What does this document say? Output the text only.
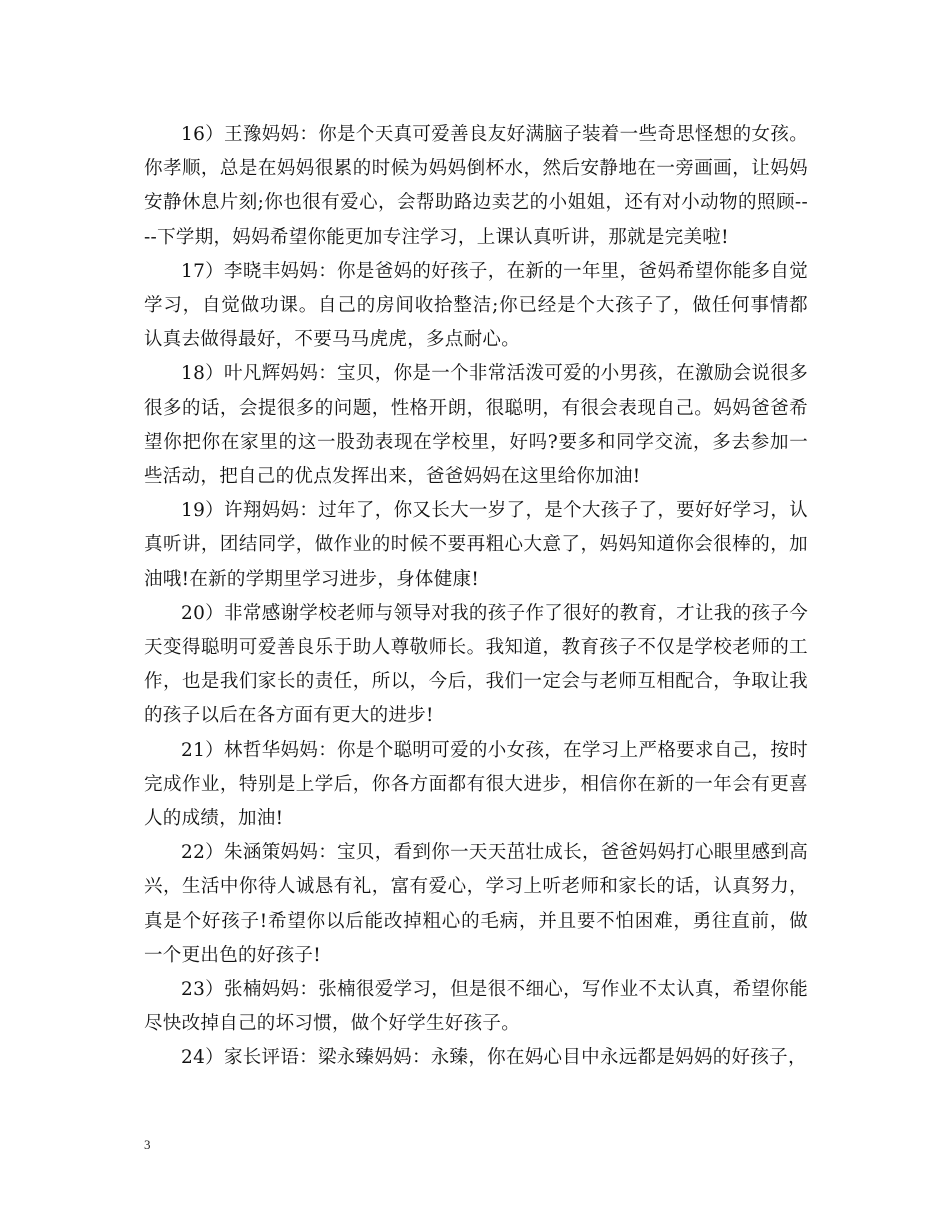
16）王豫妈妈：你是个天真可爱善良友好满脑子装着一些奇思怪想的女孩。你孝顺，总是在妈妈很累的时候为妈妈倒杯水，然后安静地在一旁画画，让妈妈安静休息片刻;你也很有爱心，会帮助路边卖艺的小姐姐，还有对小动物的照顾----下学期，妈妈希望你能更加专注学习，上课认真听讲，那就是完美啦!

17）李晓丰妈妈：你是爸妈的好孩子，在新的一年里，爸妈希望你能多自觉学习，自觉做功课。自己的房间收拾整洁;你已经是个大孩子了，做任何事情都认真去做得最好，不要马马虎虎，多点耐心。

18）叶凡辉妈妈：宝贝，你是一个非常活泼可爱的小男孩，在激励会说很多很多的话，会提很多的问题，性格开朗，很聪明，有很会表现自己。妈妈爸爸希望你把你在家里的这一股劲表现在学校里，好吗?要多和同学交流，多去参加一些活动，把自己的优点发挥出来，爸爸妈妈在这里给你加油!

19）许翔妈妈：过年了，你又长大一岁了，是个大孩子了，要好好学习，认真听讲，团结同学，做作业的时候不要再粗心大意了，妈妈知道你会很棒的，加油哦!在新的学期里学习进步，身体健康!

20）非常感谢学校老师与领导对我的孩子作了很好的教育，才让我的孩子今天变得聪明可爱善良乐于助人尊敬师长。我知道，教育孩子不仅是学校老师的工作，也是我们家长的责任，所以，今后，我们一定会与老师互相配合，争取让我的孩子以后在各方面有更大的进步!

21）林哲华妈妈：你是个聪明可爱的小女孩，在学习上严格要求自己，按时完成作业，特别是上学后，你各方面都有很大进步，相信你在新的一年会有更喜人的成绩，加油!

22）朱涵策妈妈：宝贝，看到你一天天茁壮成长，爸爸妈妈打心眼里感到高兴，生活中你待人诚恳有礼，富有爱心，学习上听老师和家长的话，认真努力，真是个好孩子!希望你以后能改掉粗心的毛病，并且要不怕困难，勇往直前，做一个更出色的好孩子!

23）张楠妈妈：张楠很爱学习，但是很不细心，写作业不太认真，希望你能尽快改掉自己的坏习惯，做个好学生好孩子。

24）家长评语：梁永臻妈妈：永臻，你在妈心目中永远都是妈妈的好孩子，

3
